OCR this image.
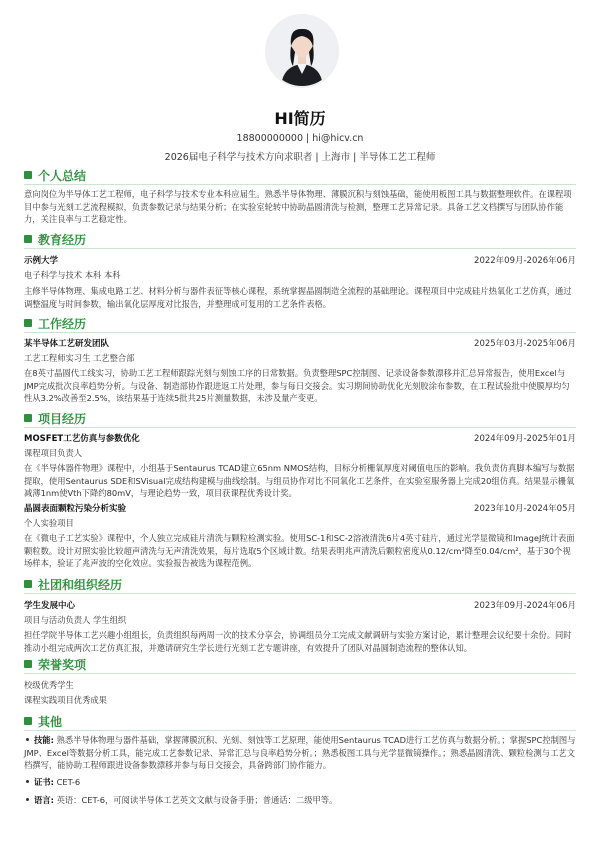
HI简历
18800000000 | hi@hicv.cn
2026届电子科学与技术方向求职者 | 上海市 | 半导体工艺工程师
个人总结
意向岗位为半导体工艺工程师，电子科学与技术专业本科应届生。熟悉半导体物理、薄膜沉积与刻蚀基础，能使用板图工具与数据整理软件。在课程项目中参与光刻工艺流程模拟，负责参数记录与结果分析；在实验室轮转中协助晶圆清洗与检测，整理工艺异常记录。具备工艺文档撰写与团队协作能力，关注良率与工艺稳定性。
教育经历
示例大学	2022年09月-2026年06月
电子科学与技术 本科 本科
主修半导体物理、集成电路工艺、材料分析与器件表征等核心课程，系统掌握晶圆制造全流程的基础理论。课程项目中完成硅片热氧化工艺仿真，通过调整温度与时间参数，输出氧化层厚度对比报告，并整理成可复用的工艺条件表格。
工作经历
某半导体工艺研发团队	2025年03月-2025年06月
工艺工程师实习生 工艺整合部
在8英寸晶圆代工线实习，协助工艺工程师跟踪光刻与刻蚀工序的日常数据。负责整理SPC控制图、记录设备参数漂移并汇总异常报告，使用Excel与JMP完成批次良率趋势分析。与设备、制造部协作跟进返工片处理，参与每日交接会。实习期间协助优化光刻胶涂布参数，在工程试验批中使膜厚均匀性从3.2%改善至2.5%，该结果基于连续5批共25片测量数据，未涉及量产变更。
项目经历
MOSFET工艺仿真与参数优化	2024年09月-2025年01月
课程项目负责人
在《半导体器件物理》课程中，小组基于Sentaurus TCAD建立65nm NMOS结构，目标分析栅氧厚度对阈值电压的影响。我负责仿真脚本编写与数据提取，使用Sentaurus SDE和SVisual完成结构建模与曲线绘制。与组员协作对比不同氧化工艺条件，在实验室服务器上完成20组仿真。结果显示栅氧减薄1nm使Vth下降约80mV，与理论趋势一致，项目获课程优秀设计奖。
晶圆表面颗粒污染分析实验	2023年10月-2024年05月
个人实验项目
在《微电子工艺实验》课程中，个人独立完成硅片清洗与颗粒检测实验。使用SC-1和SC-2溶液清洗6片4英寸硅片，通过光学显微镜和ImageJ统计表面颗粒数。设计对照实验比较超声清洗与无声清洗效果，每片选取5个区域计数。结果表明兆声清洗后颗粒密度从0.12/cm²降至0.04/cm²，基于30个视场样本，验证了兆声波的空化效应。实验报告被选为课程范例。
社团和组织经历
学生发展中心	2023年09月-2024年06月
项目与活动负责人 学生组织
担任学院半导体工艺兴趣小组组长，负责组织每两周一次的技术分享会，协调组员分工完成文献调研与实验方案讨论，累计整理会议纪要十余份。同时推动小组完成两次工艺仿真汇报，并邀请研究生学长进行光刻工艺专题讲座，有效提升了团队对晶圆制造流程的整体认知。
荣誉奖项
校级优秀学生
课程实践项目优秀成果
其他
技能: 熟悉半导体物理与器件基础，掌握薄膜沉积、光刻、刻蚀等工艺原理，能使用Sentaurus TCAD进行工艺仿真与数据分析。；掌握SPC控制图与JMP、Excel等数据分析工具，能完成工艺参数记录、异常汇总与良率趋势分析。；熟悉板图工具与光学显微镜操作。；熟悉晶圆清洗、颗粒检测与工艺文档撰写，能协助工程师跟进设备参数漂移并参与每日交接会，具备跨部门协作能力。
证书: CET-6
语言: 英语：CET-6，可阅读半导体工艺英文文献与设备手册；普通话：二级甲等。
